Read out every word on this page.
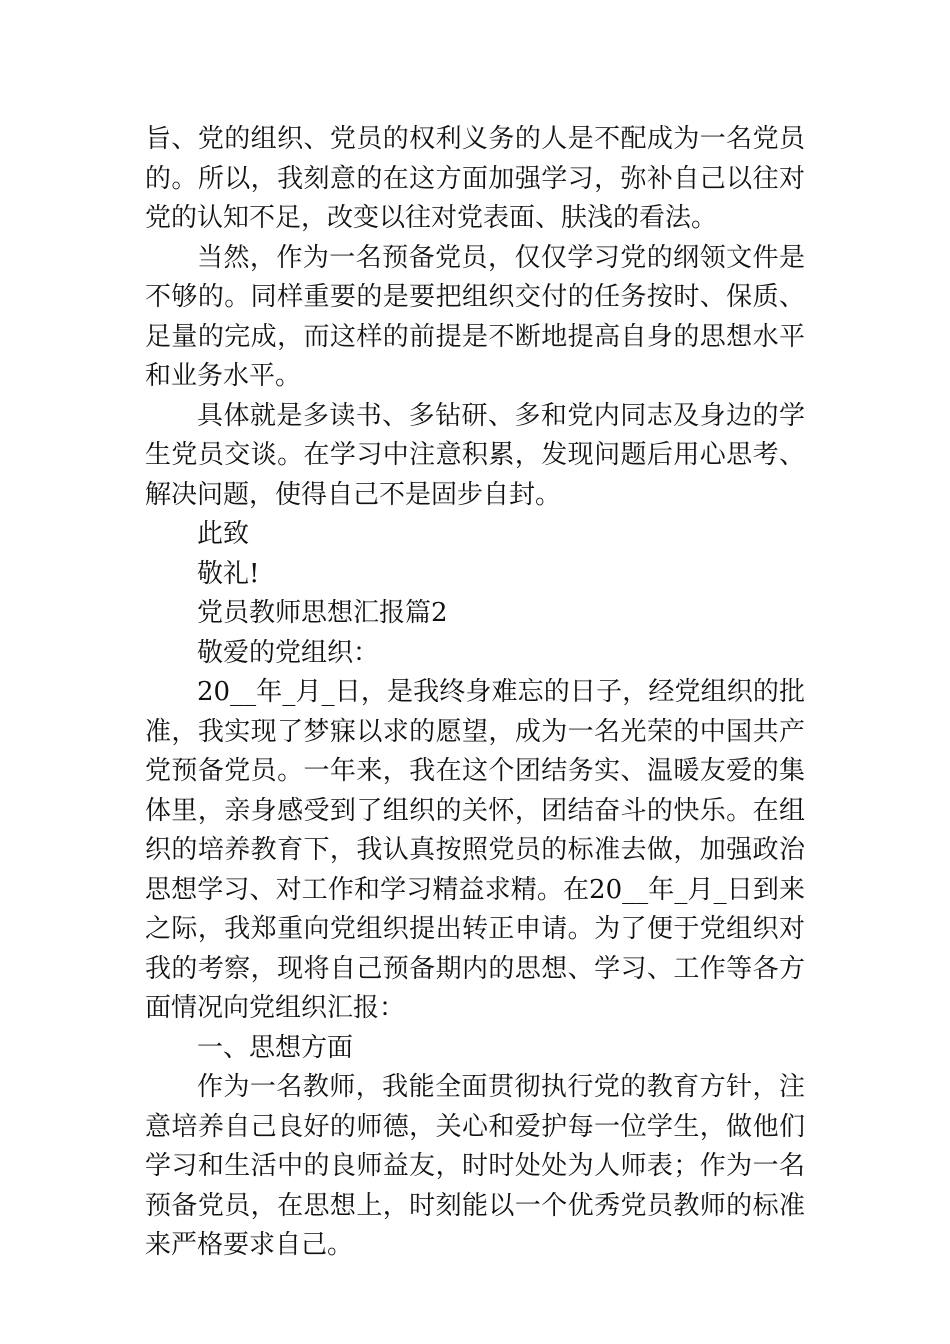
旨、党的组织、党员的权利义务的人是不配成为一名党员的。所以，我刻意的在这方面加强学习，弥补自己以往对党的认知不足，改变以往对党表面、肤浅的看法。

当然，作为一名预备党员，仅仅学习党的纲领文件是不够的。同样重要的是要把组织交付的任务按时、保质、足量的完成，而这样的前提是不断地提高自身的思想水平和业务水平。

具体就是多读书、多钻研、多和党内同志及身边的学生党员交谈。在学习中注意积累，发现问题后用心思考、解决问题，使得自己不是固步自封。

此致

敬礼!

党员教师思想汇报篇2

敬爱的党组织：

20__年_月_日，是我终身难忘的日子，经党组织的批准，我实现了梦寐以求的愿望，成为一名光荣的中国共产党预备党员。一年来，我在这个团结务实、温暖友爱的集体里，亲身感受到了组织的关怀，团结奋斗的快乐。在组织的培养教育下，我认真按照党员的标准去做，加强政治思想学习、对工作和学习精益求精。在20__年_月_日到来之际，我郑重向党组织提出转正申请。为了便于党组织对我的考察，现将自己预备期内的思想、学习、工作等各方面情况向党组织汇报：

一、思想方面

作为一名教师，我能全面贯彻执行党的教育方针，注意培养自己良好的师德，关心和爱护每一位学生，做他们学习和生活中的良师益友，时时处处为人师表；作为一名预备党员，在思想上，时刻能以一个优秀党员教师的标准来严格要求自己。
